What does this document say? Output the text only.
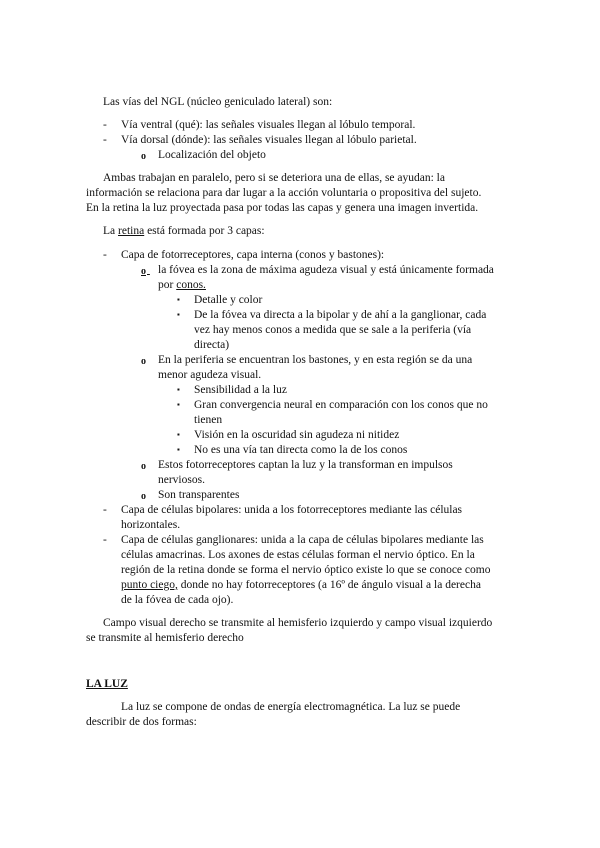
Las vías del NGL (núcleo geniculado lateral) son:
- Vía ventral (qué): las señales visuales llegan al lóbulo temporal.
- Vía dorsal (dónde): las señales visuales llegan al lóbulo parietal.
o Localización del objeto
Ambas trabajan en paralelo, pero si se deteriora una de ellas, se ayudan: la
información se relaciona para dar lugar a la acción voluntaria o propositiva del sujeto.
En la retina la luz proyectada pasa por todas las capas y genera una imagen invertida.
La retina está formada por 3 capas:
- Capa de fotorreceptores, capa interna (conos y bastones):
o
la fóvea es la zona de máxima agudeza visual y está únicamente formada
por conos.
▪ Detalle y color
▪ De la fóvea va directa a la bipolar y de ahí a la ganglionar, cada
vez hay menos conos a medida que se sale a la periferia (vía
directa)
o En la periferia se encuentran los bastones, y en esta región se da una
menor agudeza visual.
▪ Sensibilidad a la luz
▪ Gran convergencia neural en comparación con los conos que no
tienen
▪ Visión en la oscuridad sin agudeza ni nitidez
▪ No es una vía tan directa como la de los conos
o Estos fotorreceptores captan la luz y la transforman en impulsos
nerviosos.
o Son transparentes
- Capa de células bipolares: unida a los fotorreceptores mediante las células
horizontales.
- Capa de células ganglionares: unida a la capa de células bipolares mediante las
células amacrinas. Los axones de estas células forman el nervio óptico. En la
región de la retina donde se forma el nervio óptico existe lo que se conoce como
punto ciego, donde no hay fotorreceptores (a 16º de ángulo visual a la derecha
de la fóvea de cada ojo).
Campo visual derecho se transmite al hemisferio izquierdo y campo visual izquierdo
se transmite al hemisferio derecho
LA LUZ
La luz se compone de ondas de energía electromagnética. La luz se puede
describir de dos formas:
